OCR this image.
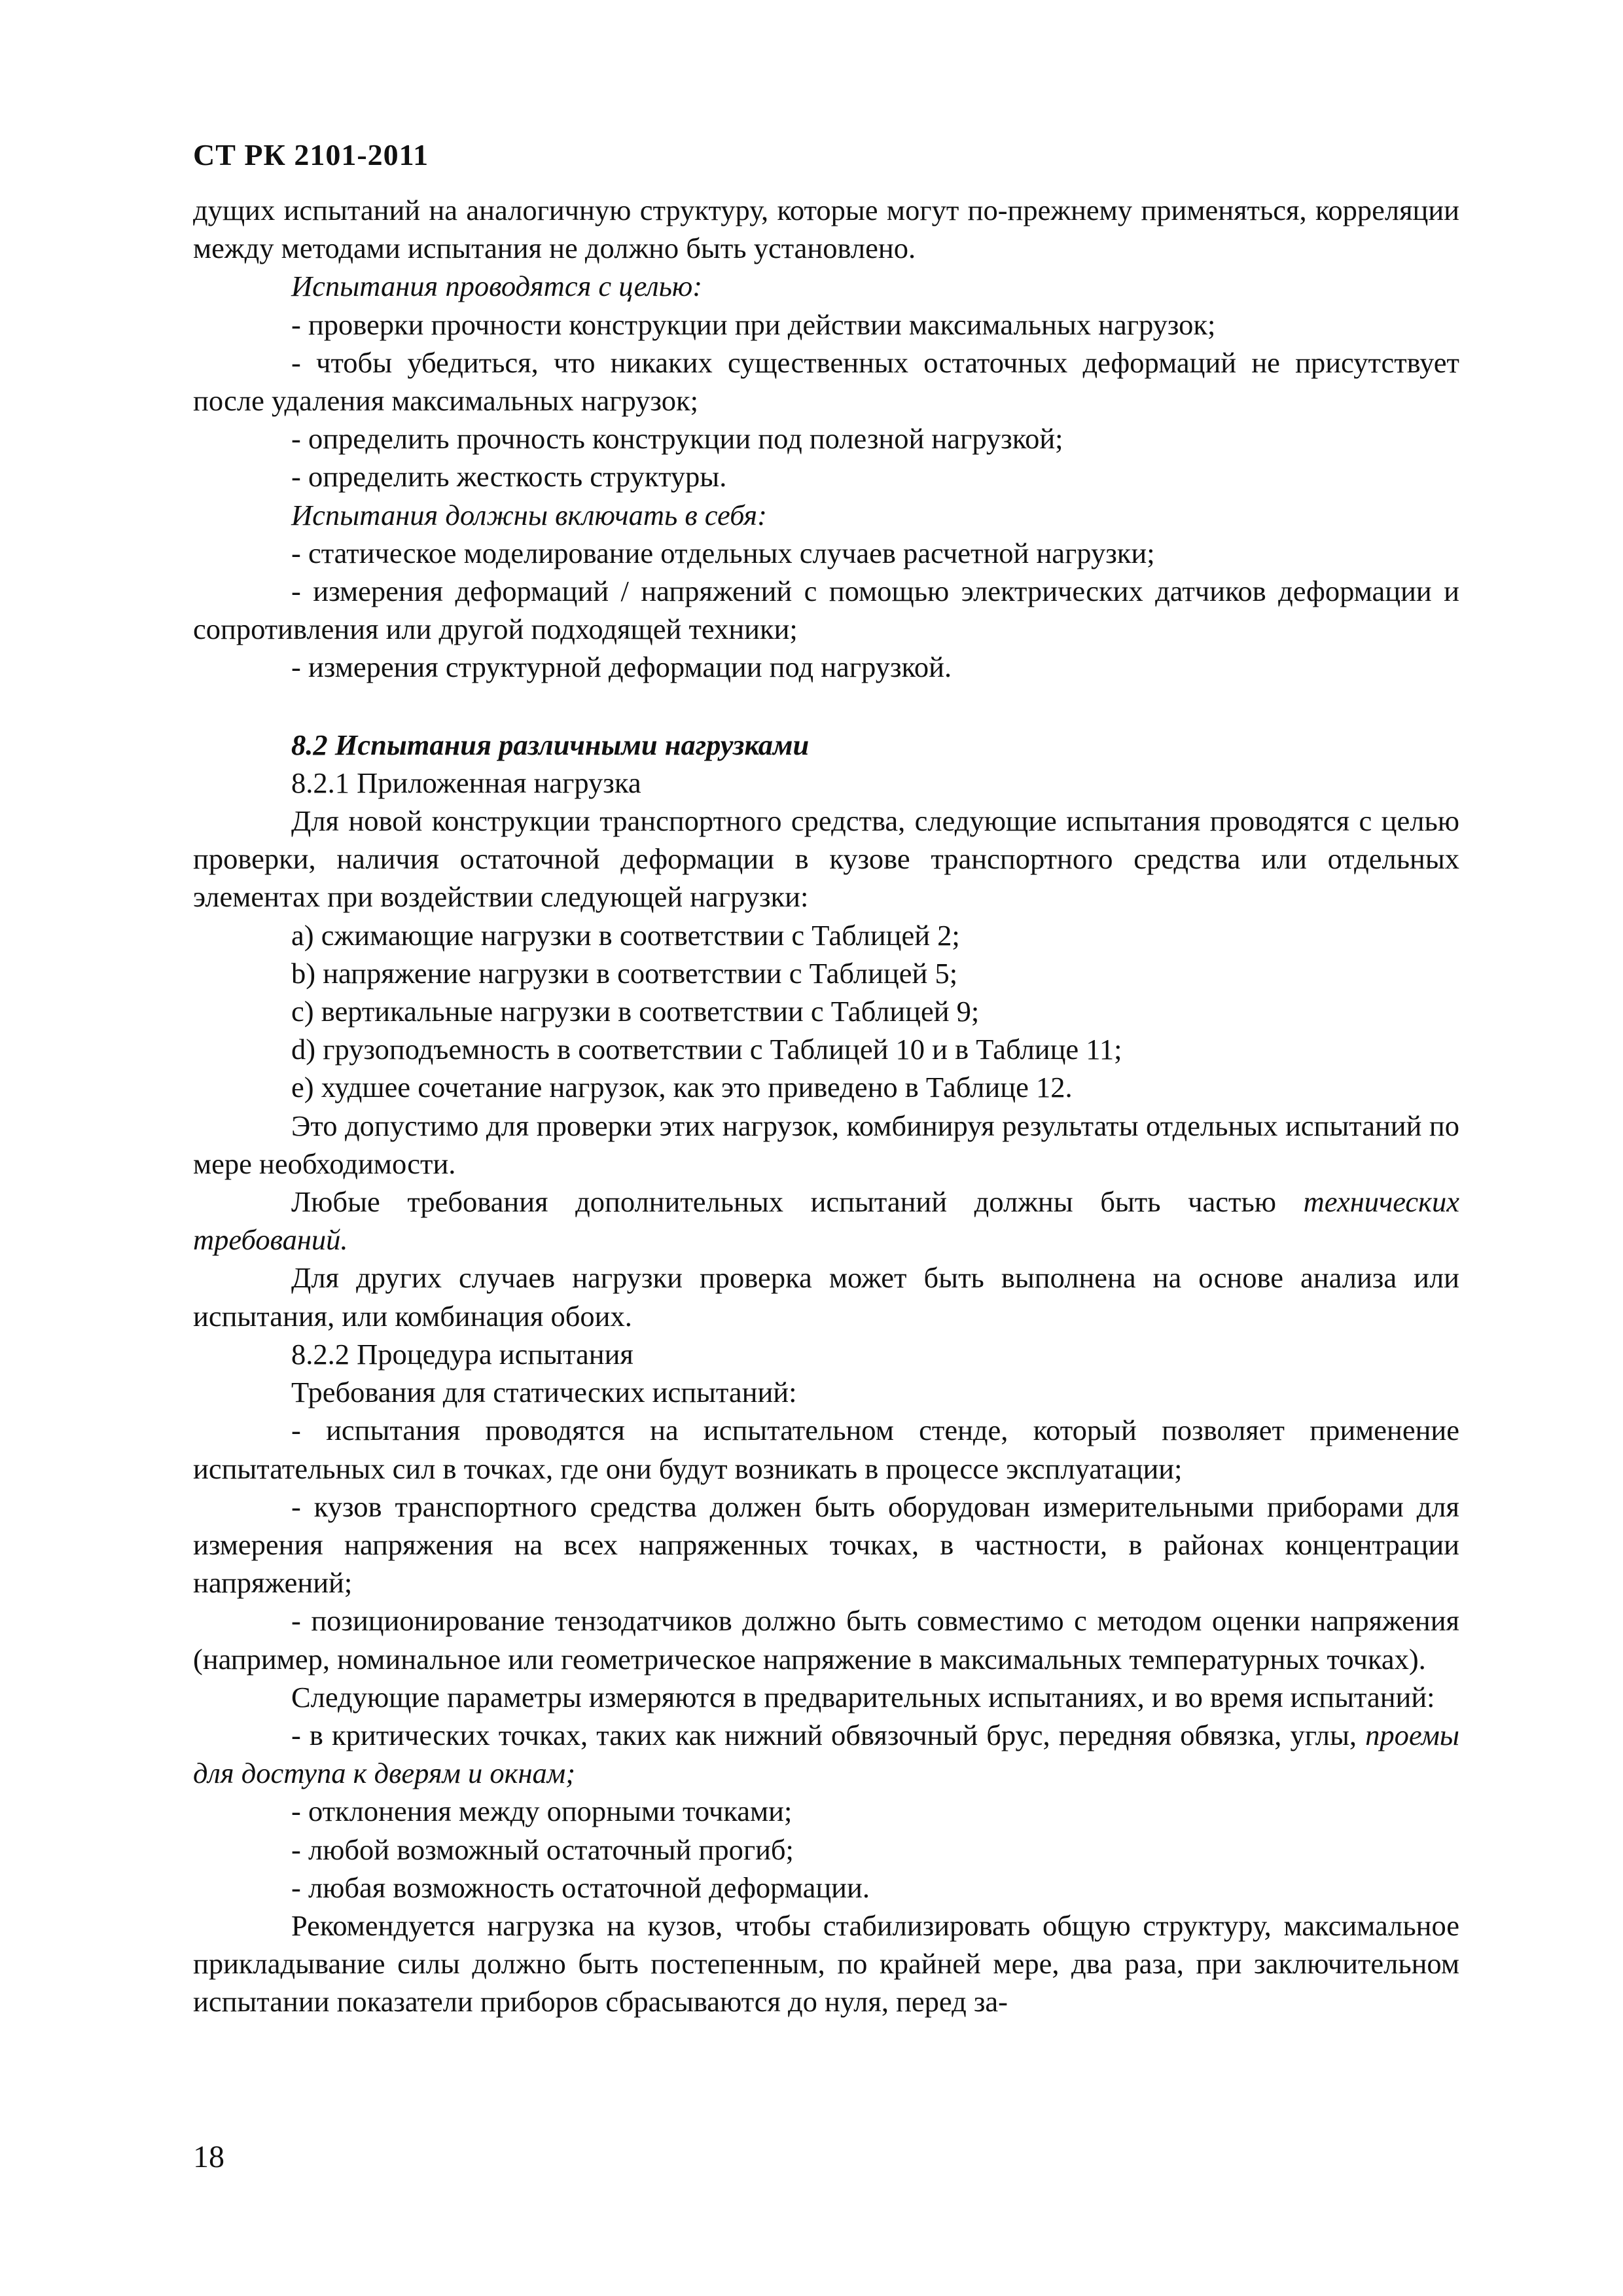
СТ РК 2101-2011

дущих испытаний на аналогичную структуру, которые могут по-прежнему применяться, корреляции между методами испытания не должно быть установлено.

Испытания проводятся с целью:

- проверки прочности конструкции при действии максимальных нагрузок;

- чтобы убедиться, что никаких существенных остаточных деформаций не присутствует после удаления максимальных нагрузок;

- определить прочность конструкции под полезной нагрузкой;

- определить жесткость структуры.

Испытания должны включать в себя:

- статическое моделирование отдельных случаев расчетной нагрузки;

- измерения деформаций / напряжений с помощью электрических датчиков деформации и сопротивления или другой подходящей техники;

- измерения структурной деформации под нагрузкой.

8.2 Испытания различными нагрузками

8.2.1 Приложенная нагрузка

Для новой конструкции транспортного средства, следующие испытания проводятся с целью проверки, наличия остаточной деформации в кузове транспортного средства или отдельных элементах при воздействии следующей нагрузки:

а) сжимающие нагрузки в соответствии с Таблицей 2;

b) напряжение нагрузки в соответствии с Таблицей 5;

с) вертикальные нагрузки в соответствии с Таблицей 9;

d) грузоподъемность в соответствии с Таблицей 10 и в Таблице 11;

е) худшее сочетание нагрузок, как это приведено в Таблице 12.

Это допустимо для проверки этих нагрузок, комбинируя результаты отдельных испытаний по мере необходимости.

Любые требования дополнительных испытаний должны быть частью технических требований.

Для других случаев нагрузки проверка может быть выполнена на основе анализа или испытания, или комбинация обоих.

8.2.2 Процедура испытания

Требования для статических испытаний:

- испытания проводятся на испытательном стенде, который позволяет применение испытательных сил в точках, где они будут возникать в процессе эксплуатации;

- кузов транспортного средства должен быть оборудован измерительными приборами для измерения напряжения на всех напряженных точках, в частности, в районах концентрации напряжений;

- позиционирование тензодатчиков должно быть совместимо с методом оценки напряжения (например, номинальное или геометрическое напряжение в максимальных температурных точках).

Следующие параметры измеряются в предварительных испытаниях, и во время испытаний:

- в критических точках, таких как нижний обвязочный брус, передняя обвязка, углы, проемы для доступа к дверям и окнам;

- отклонения между опорными точками;

- любой возможный остаточный прогиб;

- любая возможность остаточной деформации.

Рекомендуется нагрузка на кузов, чтобы стабилизировать общую структуру, максимальное прикладывание силы должно быть постепенным, по крайней мере, два раза, при заключительном испытании показатели приборов сбрасываются до нуля, перед за-

18
